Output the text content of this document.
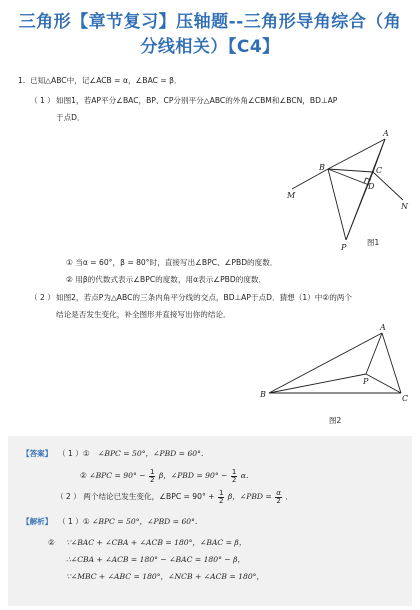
三角形【章节复习】压轴题--三角形导角综合（角
分线相关）【C4】
1. 已知△ABC中，记∠ACB = α，∠BAC = β．
（ 1 ） 如图1，若AP平分∠BAC，BP、CP分别平分△ABC的外角∠CBM和∠BCN，BD⊥AP
于点D．
A
B	C
D
M
N
P
图1
① 当α = 60°，β = 80°时，直接写出∠BPC、∠PBD的度数．
② 用β的代数式表示∠BPC的度数，用α表示∠PBD的度数．
（ 2 ） 如图2，若点P为△ABC的三条内角平分线的交点，BD⊥AP于点D．猜想（1）中②的两个
结论是否发生变化，补全图形并直接写出你的结论．
A
B	C
P
图2
【答案】 （ 1 ）① ∠BPC = 50°，∠PBD = 60°．
② ∠BPC = $90^\circ - \frac{1}{2}$ β，∠PBD = $90^\circ - \frac{1}{2}$ α．
（ 2 ） 两个结论已发生变化，∠BPC = $90^\circ + \frac{1}{2}$ β，∠PBD = $\frac{\alpha}{2}$ ．
【解析】 （ 1 ）① ∠BPC = 50°，∠PBD = 60°．
② ∵∠BAC + ∠CBA + ∠ACB = 180°，∠BAC = β，
∴∠CBA + ∠ACB = 180° − ∠BAC = 180° − β，
∵∠MBC + ∠ABC = 180°，∠NCB + ∠ACB = 180°，
